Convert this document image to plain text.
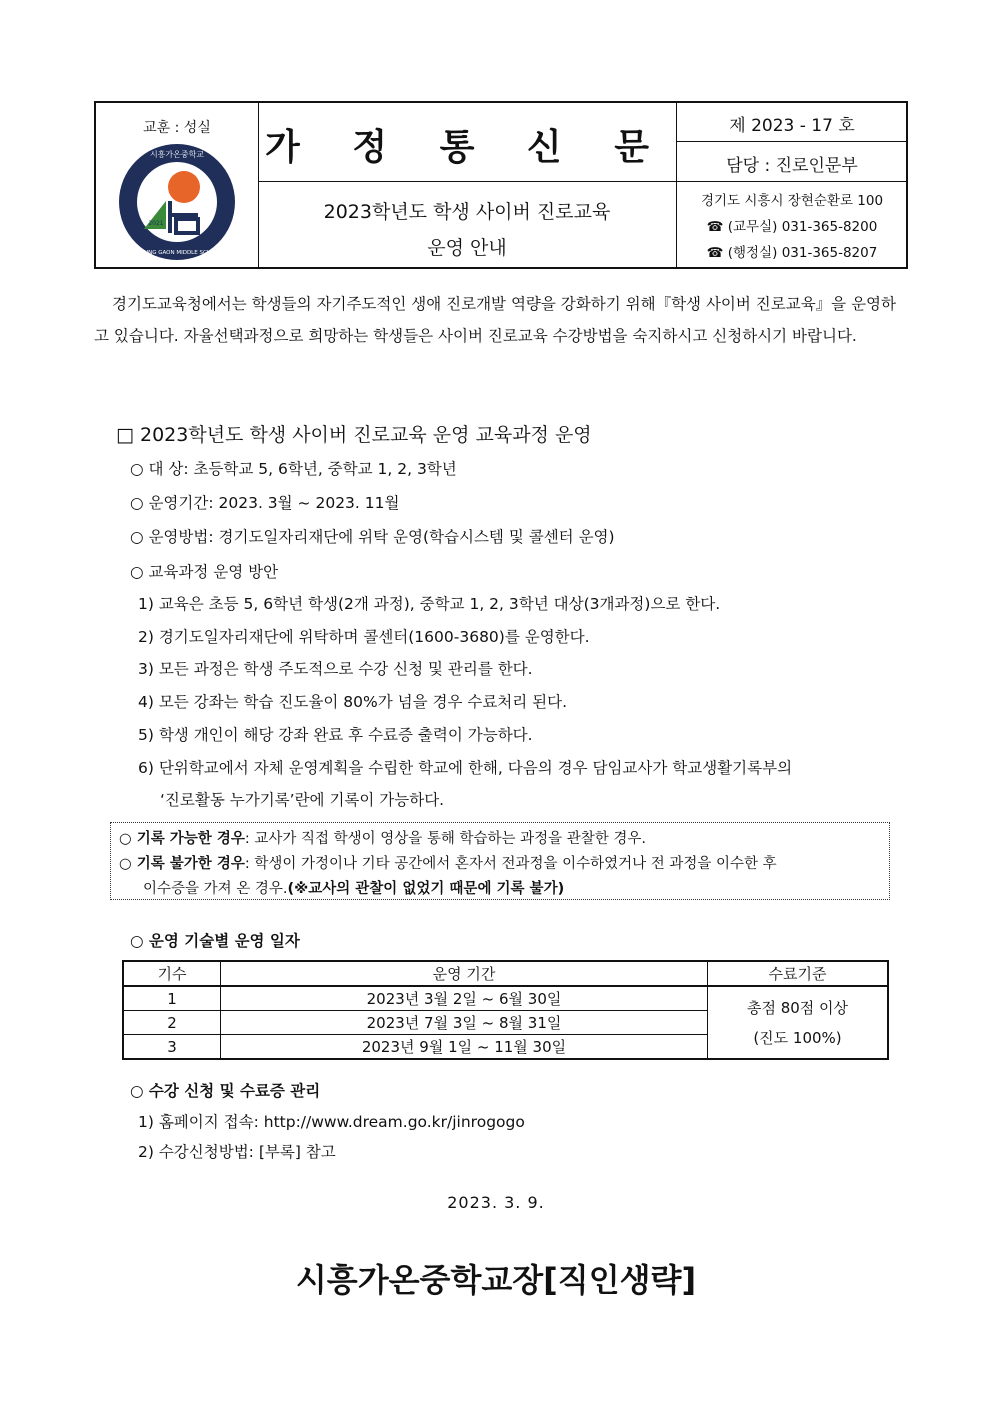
교훈 : 성실
시흥가온중학교
SIHEUNG GAON MIDDLE SCHOOL
2021
가 정 통 신 문
2023학년도 학생 사이버 진로교육
운영 안내
제 2023 - 17 호
담당 : 진로인문부
경기도 시흥시 장현순환로 100
☎ (교무실) 031-365-8200
☎ (행정실) 031-365-8207
경기도교육청에서는 학생들의 자기주도적인 생애 진로개발 역량을 강화하기 위해『학생 사이버 진로교육』을 운영하고 있습니다. 자율선택과정으로 희망하는 학생들은 사이버 진로교육 수강방법을 숙지하시고 신청하시기 바랍니다.
□ 2023학년도 학생 사이버 진로교육 운영 교육과정 운영
○ 대 상: 초등학교 5, 6학년, 중학교 1, 2, 3학년
○ 운영기간: 2023. 3월 ~ 2023. 11월
○ 운영방법: 경기도일자리재단에 위탁 운영(학습시스템 및 콜센터 운영)
○ 교육과정 운영 방안
1) 교육은 초등 5, 6학년 학생(2개 과정), 중학교 1, 2, 3학년 대상(3개과정)으로 한다.
2) 경기도일자리재단에 위탁하며 콜센터(1600-3680)를 운영한다.
3) 모든 과정은 학생 주도적으로 수강 신청 및 관리를 한다.
4) 모든 강좌는 학습 진도율이 80%가 넘을 경우 수료처리 된다.
5) 학생 개인이 해당 강좌 완료 후 수료증 출력이 가능하다.
6) 단위학교에서 자체 운영계획을 수립한 학교에 한해, 다음의 경우 담임교사가 학교생활기록부의
‘진로활동 누가기록’란에 기록이 가능하다.
○ 기록 가능한 경우: 교사가 직접 학생이 영상을 통해 학습하는 과정을 관찰한 경우.
○ 기록 불가한 경우: 학생이 가정이나 기타 공간에서 혼자서 전과정을 이수하였거나 전 과정을 이수한 후
이수증을 가져 온 경우.(※교사의 관찰이 없었기 때문에 기록 불가)
○ 운영 기술별 운영 일자
기수	운영 기간	수료기준
1	2023년 3월 2일 ~ 6월 30일	총점 80점 이상
(진도 100%)

2	2023년 7월 3일 ~ 8월 31일	
3	2023년 9월 1일 ~ 11월 30일	
○ 수강 신청 및 수료증 관리
1) 홈페이지 접속: http://www.dream.go.kr/jinrogogo
2) 수강신청방법: [부록] 참고
2023. 3. 9.
시흥가온중학교장[직인생략]
